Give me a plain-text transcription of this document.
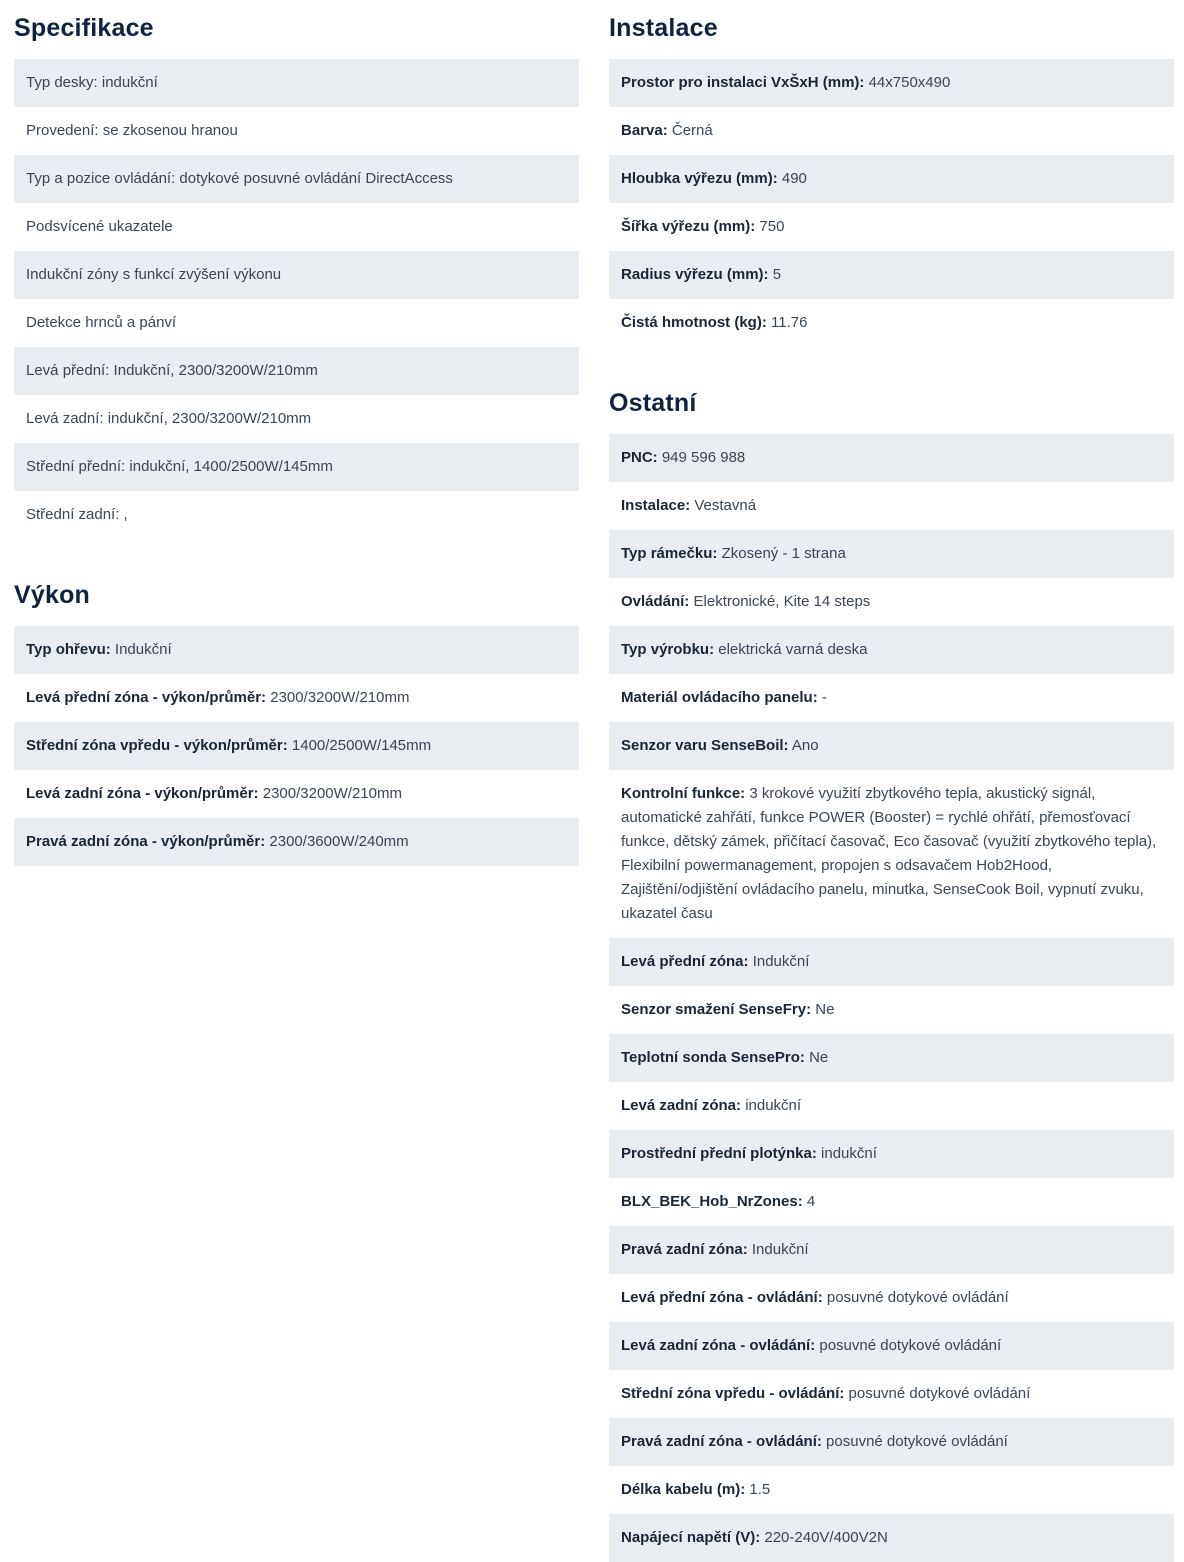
Specifikace
Typ desky: indukční
Provedení: se zkosenou hranou
Typ a pozice ovládání: dotykové posuvné ovládání DirectAccess
Podsvícené ukazatele
Indukční zóny s funkcí zvýšení výkonu
Detekce hrnců a pánví
Levá přední: Indukční, 2300/3200W/210mm
Levá zadní: indukční, 2300/3200W/210mm
Střední přední: indukční, 1400/2500W/145mm
Střední zadní: ,
Výkon
Typ ohřevu: Indukční
Levá přední zóna - výkon/průměr: 2300/3200W/210mm
Střední zóna vpředu - výkon/průměr: 1400/2500W/145mm
Levá zadní zóna - výkon/průměr: 2300/3200W/210mm
Pravá zadní zóna - výkon/průměr: 2300/3600W/240mm
Instalace
Prostor pro instalaci VxŠxH (mm): 44x750x490
Barva: Černá
Hloubka výřezu (mm): 490
Šířka výřezu (mm): 750
Radius výřezu (mm): 5
Čistá hmotnost (kg): 11.76
Ostatní
PNC: 949 596 988
Instalace: Vestavná
Typ rámečku: Zkosený - 1 strana
Ovládání: Elektronické, Kite 14 steps
Typ výrobku: elektrická varná deska
Materiál ovládacího panelu: -
Senzor varu SenseBoil: Ano
Kontrolní funkce: 3 krokové využití zbytkového tepla, akustický signál, automatické zahřátí, funkce POWER (Booster) = rychlé ohřátí, přemosťovací funkce, dětský zámek, přičítací časovač, Eco časovač (využití zbytkového tepla), Flexibilní powermanagement, propojen s odsavačem Hob2Hood, Zajištění/odjištění ovládacího panelu, minutka, SenseCook Boil, vypnutí zvuku, ukazatel času
Levá přední zóna: Indukční
Senzor smažení SenseFry: Ne
Teplotní sonda SensePro: Ne
Levá zadní zóna: indukční
Prostřední přední plotýnka: indukční
BLX_BEK_Hob_NrZones: 4
Pravá zadní zóna: Indukční
Levá přední zóna - ovládání: posuvné dotykové ovládání
Levá zadní zóna - ovládání: posuvné dotykové ovládání
Střední zóna vpředu - ovládání: posuvné dotykové ovládání
Pravá zadní zóna - ovládání: posuvné dotykové ovládání
Délka kabelu (m): 1.5
Napájecí napětí (V): 220-240V/400V2N
